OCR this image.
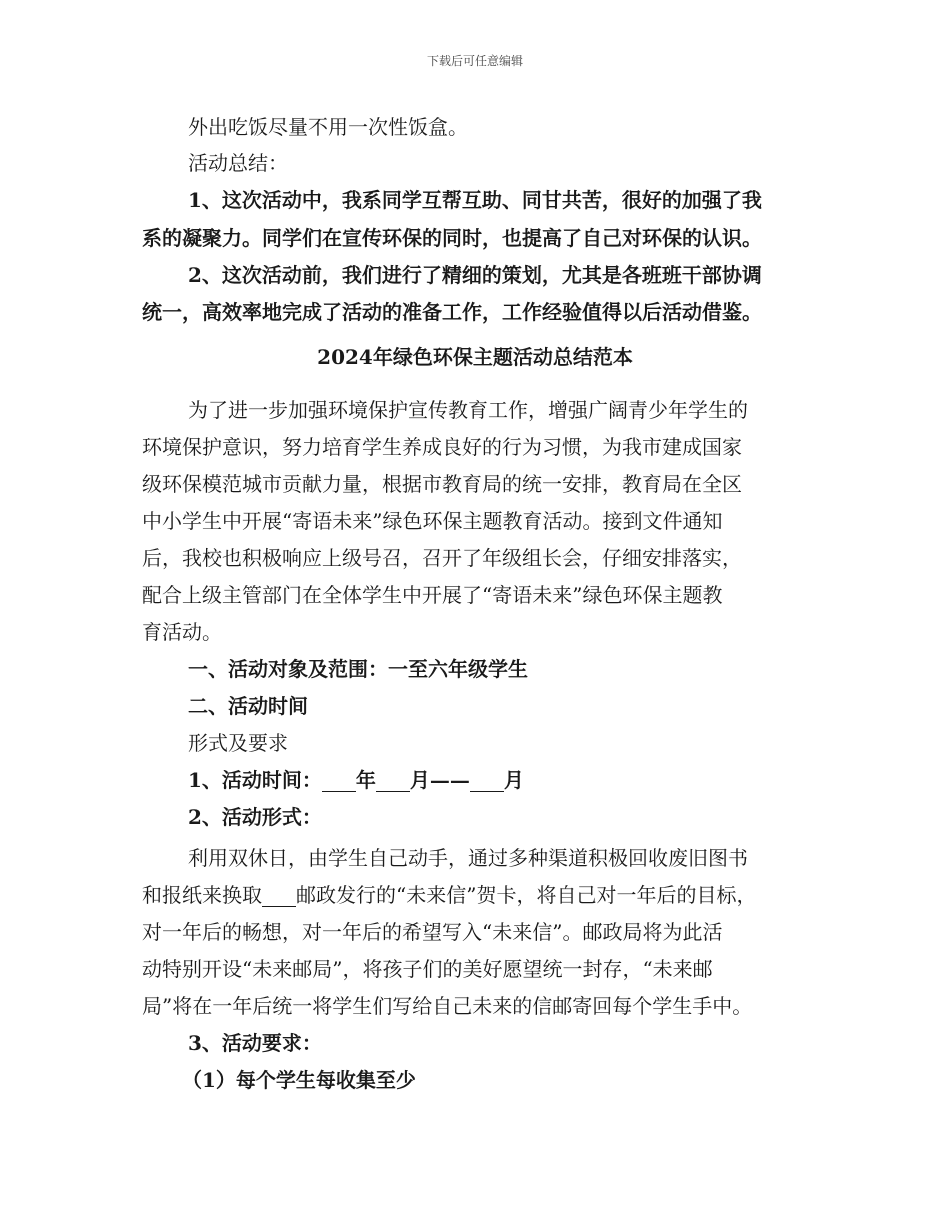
下载后可任意编辑
外出吃饭尽量不用一次性饭盒。
活动总结：
1、这次活动中，我系同学互帮互助、同甘共苦，很好的加强了我
系的凝聚力。同学们在宣传环保的同时，也提高了自己对环保的认识。
2、这次活动前，我们进行了精细的策划，尤其是各班班干部协调
统一，高效率地完成了活动的准备工作，工作经验值得以后活动借鉴。
2024年绿色环保主题活动总结范本
为了进一步加强环境保护宣传教育工作，增强广阔青少年学生的
环境保护意识，努力培育学生养成良好的行为习惯，为我市建成国家
级环保模范城市贡献力量，根据市教育局的统一安排，教育局在全区
中小学生中开展“寄语未来”绿色环保主题教育活动。接到文件通知
后，我校也积极响应上级号召，召开了年级组长会，仔细安排落实，
配合上级主管部门在全体学生中开展了“寄语未来”绿色环保主题教
育活动。
一、活动对象及范围：一至六年级学生
二、活动时间
形式及要求
1、活动时间： 年 月—— 月
2、活动形式：
利用双休日，由学生自己动手，通过多种渠道积极回收废旧图书
和报纸来换取 邮政发行的“未来信”贺卡，将自己对一年后的目标，
对一年后的畅想，对一年后的希望写入“未来信”。邮政局将为此活
动特别开设“未来邮局”，将孩子们的美好愿望统一封存，“未来邮
局”将在一年后统一将学生们写给自己未来的信邮寄回每个学生手中。
3、活动要求：
（1）每个学生每收集至少
